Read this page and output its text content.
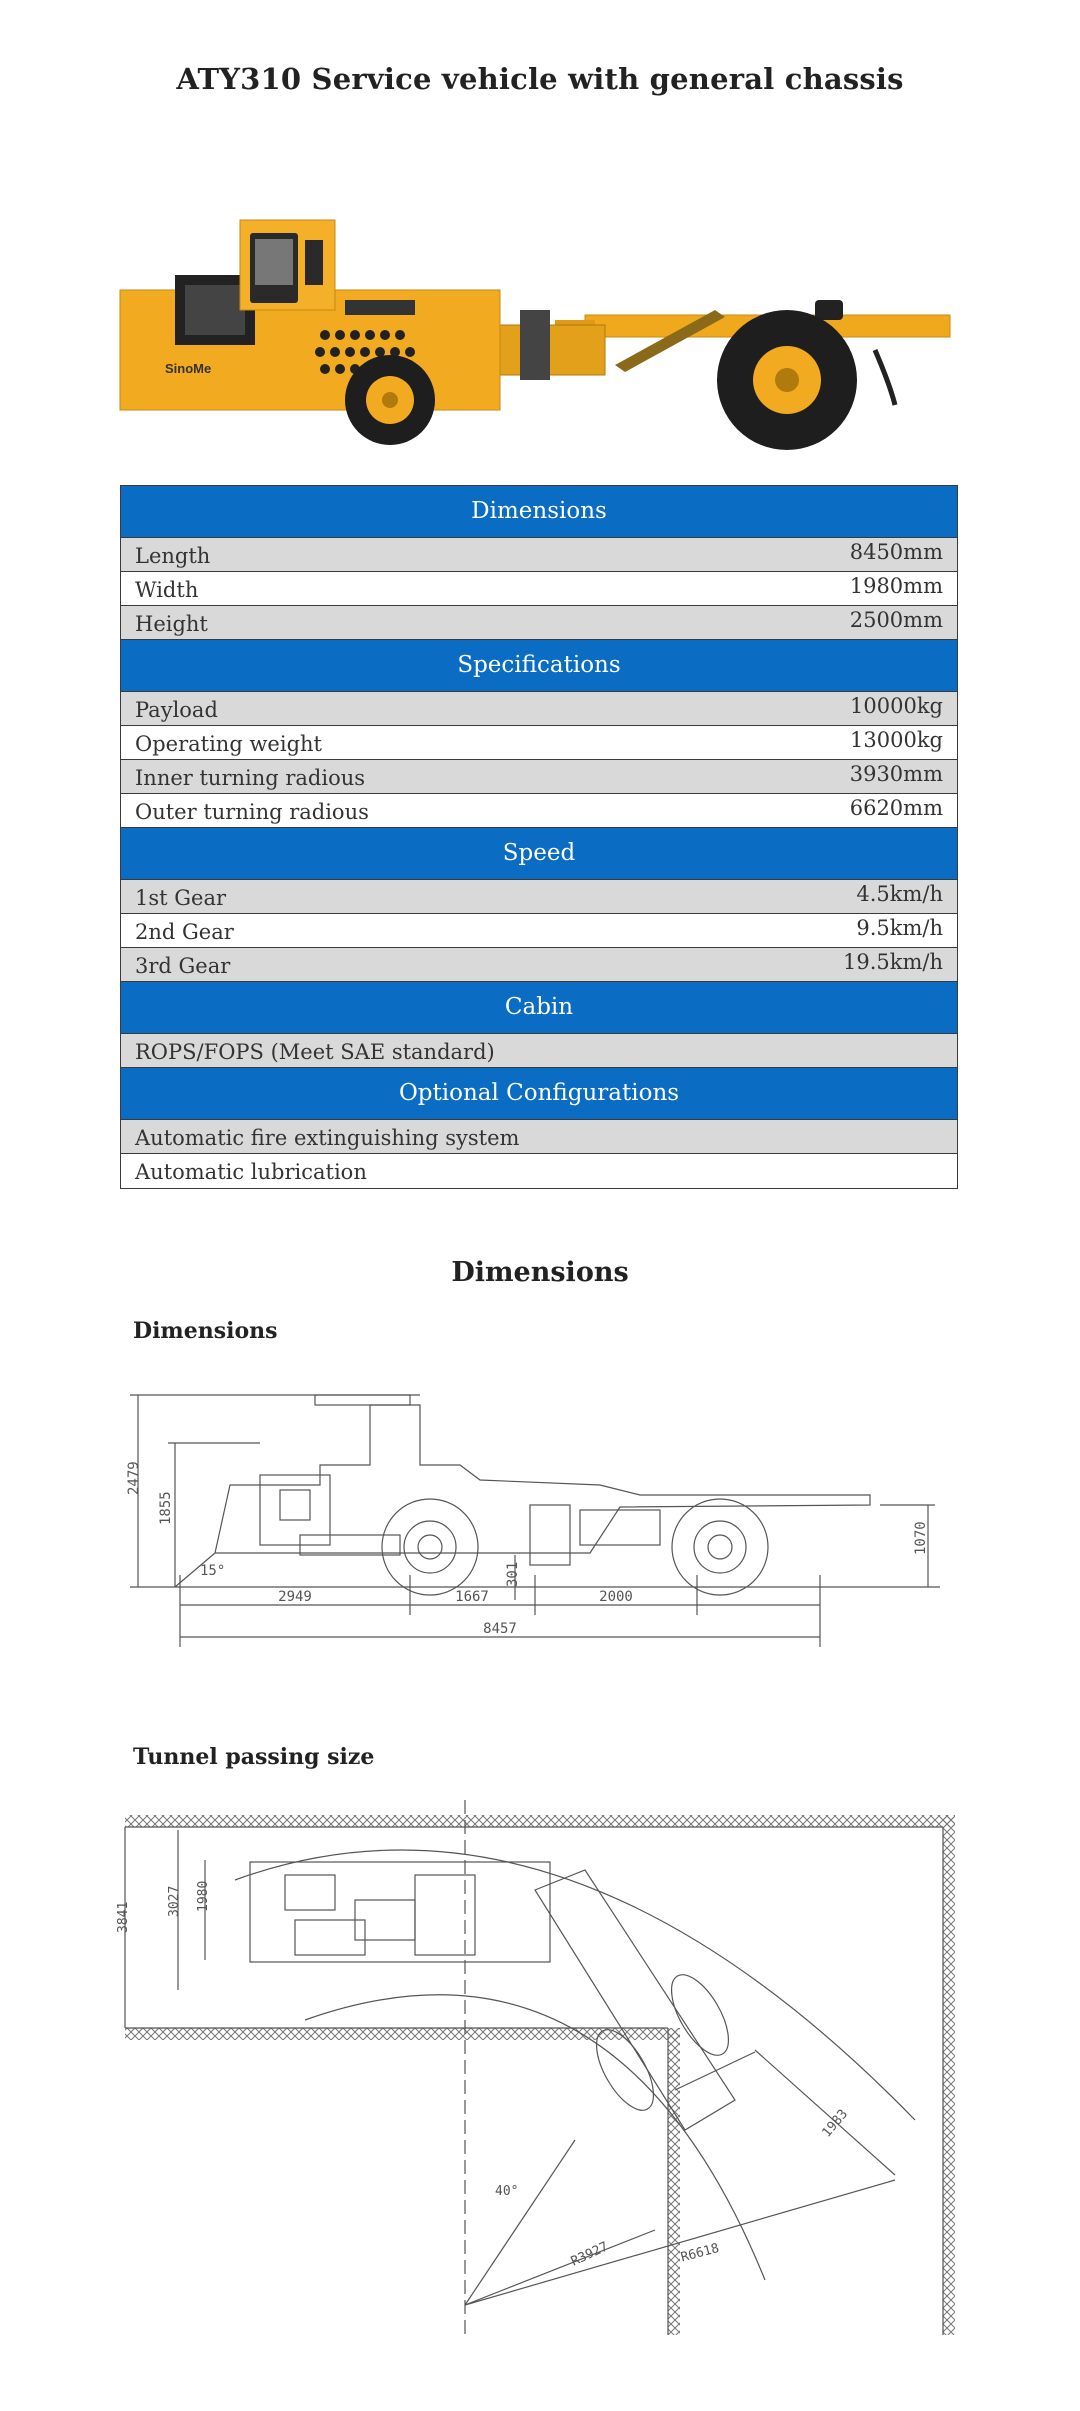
ATY310 Service vehicle with general chassis
SinoMe
Dimensions
Length	8450mm
Width	1980mm
Height	2500mm
Specifications
Payload	10000kg
Operating weight	13000kg
Inner turning radious	3930mm
Outer turning radious	6620mm
Speed
1st Gear	4.5km/h
2nd Gear	9.5km/h
3rd Gear	19.5km/h
Cabin
ROPS/FOPS (Meet SAE standard)
Optional Configurations
Automatic fire extinguishing system
Automatic lubrication
Dimensions
Dimensions
2479
1855
15°	301
1070
2949	1667	2000
8457
Tunnel passing size
3841
3027 1980
40°
R3927	R6618
1983
